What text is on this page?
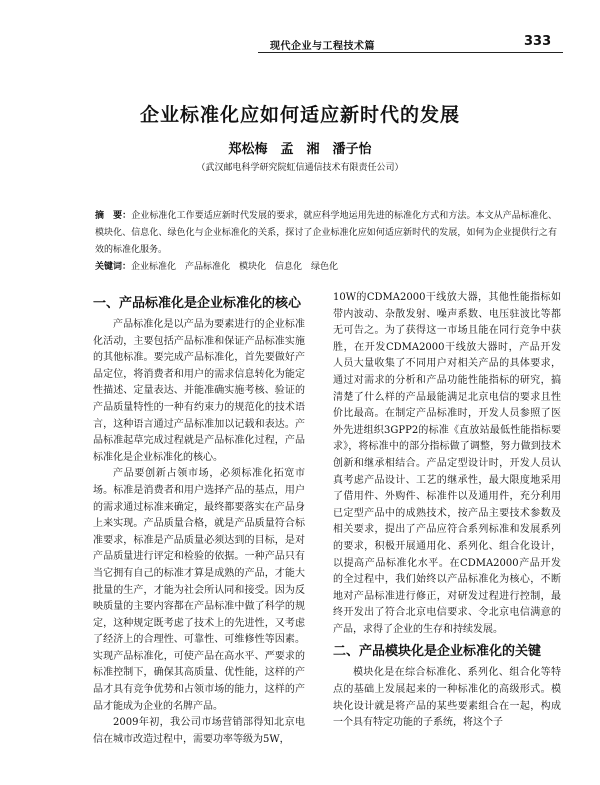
现代企业与工程技术篇	333
企业标准化应如何适应新时代的发展
郑松梅　孟　湘　潘子怡
（武汉邮电科学研究院虹信通信技术有限责任公司）
摘　要：企业标准化工作要适应新时代发展的要求，就应科学地运用先进的标准化方式和方法。本文从产品标准化、模块化、信息化、绿色化与企业标准化的关系，探讨了企业标准化应如何适应新时代的发展，如何为企业提供行之有效的标准化服务。
关键词：企业标准化　产品标准化　模块化　信息化　绿色化
一、产品标准化是企业标准化的核心

产品标准化是以产品为要素进行的企业标准化活动，主要包括产品标准和保证产品标准实施的其他标准。要完成产品标准化，首先要做好产品定位，将消费者和用户的需求信息转化为能定性描述、定量表达、并能准确实施考核、验证的产品质量特性的一种有约束力的规范化的技术语言，这种语言通过产品标准加以记载和表达。产品标准起草完成过程就是产品标准化过程，产品标准化是企业标准化的核心。

产品要创新占领市场，必须标准化拓宽市场。标准是消费者和用户选择产品的基点，用户的需求通过标准来确定，最终都要落实在产品身上来实现。产品质量合格，就是产品质量符合标准要求，标准是产品质量必须达到的目标，是对产品质量进行评定和检验的依据。一种产品只有当它拥有自己的标准才算是成熟的产品，才能大批量的生产，才能为社会所认同和接受。因为反映质量的主要内容都在产品标准中做了科学的规定，这种规定既考虑了技术上的先进性，又考虑了经济上的合理性、可靠性、可维修性等因素。实现产品标准化，可使产品在高水平、严要求的标准控制下，确保其高质量、优性能，这样的产品才具有竞争优势和占领市场的能力，这样的产品才能成为企业的名牌产品。

2009年初，我公司市场营销部得知北京电信在城市改造过程中，需要功率等级为5W，

10W的CDMA2000干线放大器，其他性能指标如带内波动、杂散发射、噪声系数、电压驻波比等都无可告之。为了获得这一市场且能在同行竞争中获胜，在开发CDMA2000干线放大器时，产品开发人员大量收集了不同用户对相关产品的具体要求，通过对需求的分析和产品功能性能指标的研究，搞清楚了什么样的产品最能满足北京电信的要求且性价比最高。在制定产品标准时，开发人员参照了医外先进组织3GPP2的标准《直放站最低性能指标要求》，将标准中的部分指标做了调整，努力做到技术创新和继承相结合。产品定型设计时，开发人员认真考虑产品设计、工艺的继承性，最大限度地采用了借用件、外购件、标准件以及通用件，充分利用已定型产品中的成熟技术，按产品主要技术参数及相关要求，提出了产品应符合系列标准和发展系列的要求，积极开展通用化、系列化、组合化设计，以提高产品标准化水平。在CDMA2000产品开发的全过程中，我们始终以产品标准化为核心，不断地对产品标准进行修正，对研发过程进行控制，最终开发出了符合北京电信要求、令北京电信满意的产品，求得了企业的生存和持续发展。

二、产品模块化是企业标准化的关键

模块化是在综合标准化、系列化、组合化等特点的基础上发展起来的一种标准化的高级形式。模块化设计就是将产品的某些要素组合在一起，构成一个具有特定功能的子系统，将这个子
